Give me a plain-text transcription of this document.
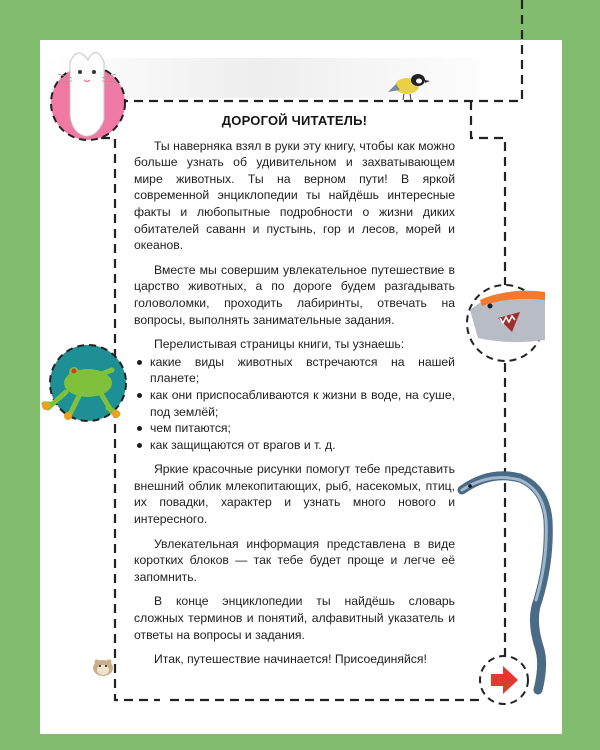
ДОРОГОЙ ЧИТАТЕЛЬ!

Ты наверняка взял в руки эту книгу, чтобы как можно больше узнать об удивительном и захватывающем мире животных. Ты на верном пути! В яркой современной энциклопедии ты найдёшь интересные факты и любопытные подробности о жизни диких обитателей саванн и пустынь, гор и лесов, морей и океанов.

Вместе мы совершим увлекательное путешествие в царство животных, а по дороге будем разгадывать головоломки, проходить лабиринты, отвечать на вопросы, выполнять занимательные задания.

Перелистывая страницы книги, ты узнаешь:

какие виды животных встречаются на нашей планете;
как они приспосабливаются к жизни в воде, на суше, под землёй;
чем питаются;
как защищаются от врагов и т. д.

Яркие красочные рисунки помогут тебе представить внешний облик млекопитающих, рыб, насекомых, птиц, их повадки, характер и узнать много нового и интересного.

Увлекательная информация представлена в виде коротких блоков — так тебе будет проще и легче её запомнить.

В конце энциклопедии ты найдёшь словарь сложных терминов и понятий, алфавитный указатель и ответы на вопросы и задания.

Итак, путешествие начинается! Присоединяйся!
